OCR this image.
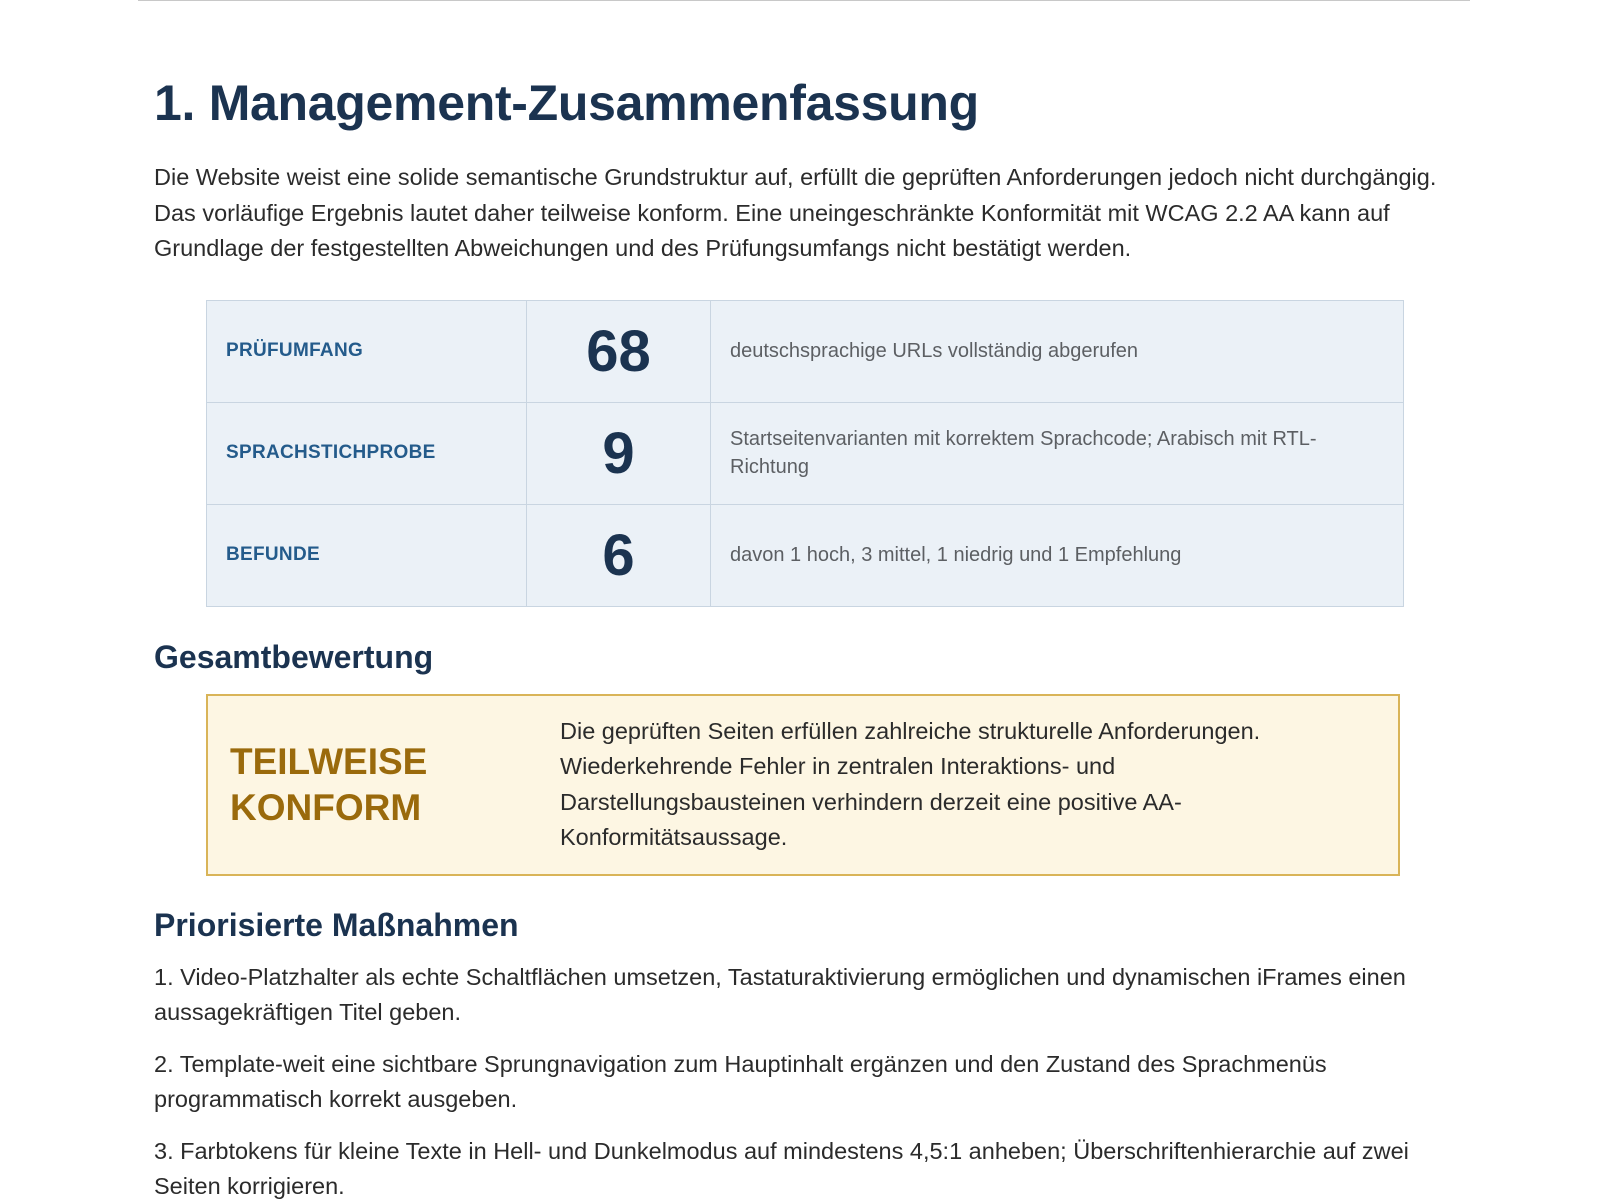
1. Management-Zusammenfassung

Die Website weist eine solide semantische Grundstruktur auf, erfüllt die geprüften Anforderungen jedoch nicht durchgängig. Das vorläufige Ergebnis lautet daher teilweise konform. Eine uneingeschränkte Konformität mit WCAG 2.2 AA kann auf Grundlage der festgestellten Abweichungen und des Prüfungsumfangs nicht bestätigt werden.

PRÜFUMFANG	68	deutschsprachige URLs vollständig abgerufen
SPRACHSTICHPROBE	9	Startseitenvarianten mit korrektem Sprachcode; Arabisch mit RTL-Richtung
BEFUNDE	6	davon 1 hoch, 3 mittel, 1 niedrig und 1 Empfehlung
Gesamtbewertung
TEILWEISE
KONFORM
Die geprüften Seiten erfüllen zahlreiche strukturelle Anforderungen. Wiederkehrende Fehler in zentralen Interaktions- und Darstellungsbausteinen verhindern derzeit eine positive AA-Konformitätsaussage.
Priorisierte Maßnahmen
1. Video-Platzhalter als echte Schaltflächen umsetzen, Tastaturaktivierung ermöglichen und dynamischen iFrames einen aussagekräftigen Titel geben.
2. Template-weit eine sichtbare Sprungnavigation zum Hauptinhalt ergänzen und den Zustand des Sprachmenüs programmatisch korrekt ausgeben.
3. Farbtokens für kleine Texte in Hell- und Dunkelmodus auf mindestens 4,5:1 anheben; Überschriftenhierarchie auf zwei Seiten korrigieren.
